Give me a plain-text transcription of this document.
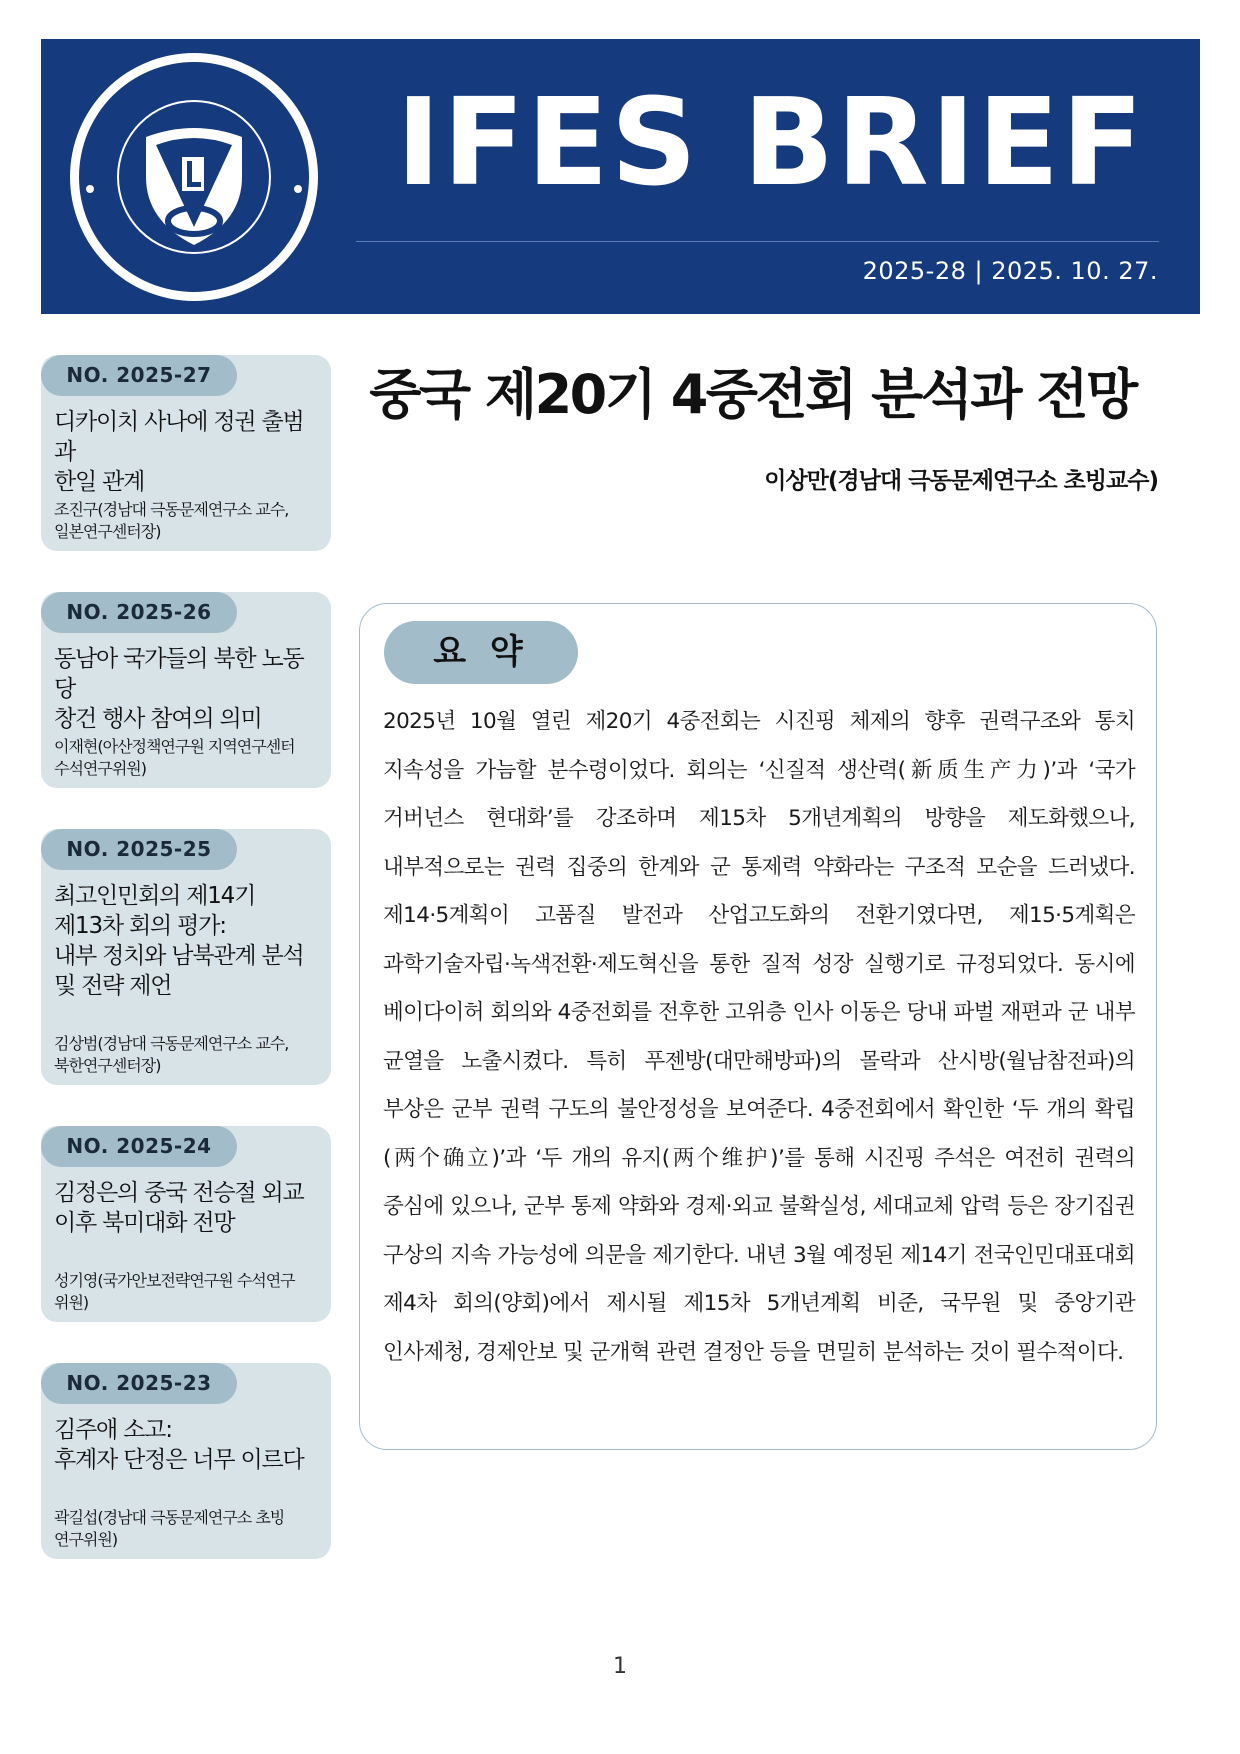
IFES BRIEF
2025-28 | 2025. 10. 27.
NO. 2025-27
디카이치 사나에 정권 출범과
한일 관계
조진구(경남대 극동문제연구소 교수,
일본연구센터장)
NO. 2025-26
동남아 국가들의 북한 노동당
창건 행사 참여의 의미
이재현(아산정책연구원 지역연구센터
수석연구위원)
NO. 2025-25
최고인민회의 제14기
제13차 회의 평가:
내부 정치와 남북관계 분석
및 전략 제언
김상범(경남대 극동문제연구소 교수,
북한연구센터장)
NO. 2025-24
김정은의 중국 전승절 외교
이후 북미대화 전망
성기영(국가안보전략연구원 수석연구
위원)
NO. 2025-23
김주애 소고:
후계자 단정은 너무 이르다
곽길섭(경남대 극동문제연구소 초빙
연구위원)
중국 제20기 4중전회 분석과 전망
이상만(경남대 극동문제연구소 초빙교수)
요 약
2025년 10월 열린 제20기 4중전회는 시진핑 체제의 향후 권력구조와 통치 지속성을 가늠할 분수령이었다. 회의는 ‘신질적 생산력(新质生产力)’과 ‘국가 거버넌스 현대화’를 강조하며 제15차 5개년계획의 방향을 제도화했으나, 내부적으로는 권력 집중의 한계와 군 통제력 약화라는 구조적 모순을 드러냈다. 제14·5계획이 고품질 발전과 산업고도화의 전환기였다면, 제15·5계획은 과학기술자립·녹색전환·제도혁신을 통한 질적 성장 실행기로 규정되었다. 동시에 베이다이허 회의와 4중전회를 전후한 고위층 인사 이동은 당내 파벌 재편과 군 내부 균열을 노출시켰다. 특히 푸젠방(대만해방파)의 몰락과 산시방(월남참전파)의 부상은 군부 권력 구도의 불안정성을 보여준다. 4중전회에서 확인한 ‘두 개의 확립(两个确立)’과 ‘두 개의 유지(两个维护)’를 통해 시진핑 주석은 여전히 권력의 중심에 있으나, 군부 통제 약화와 경제·외교 불확실성, 세대교체 압력 등은 장기집권 구상의 지속 가능성에 의문을 제기한다. 내년 3월 예정된 제14기 전국인민대표대회 제4차 회의(양회)에서 제시될 제15차 5개년계획 비준, 국무원 및 중앙기관 인사제청, 경제안보 및 군개혁 관련 결정안 등을 면밀히 분석하는 것이 필수적이다.
1
